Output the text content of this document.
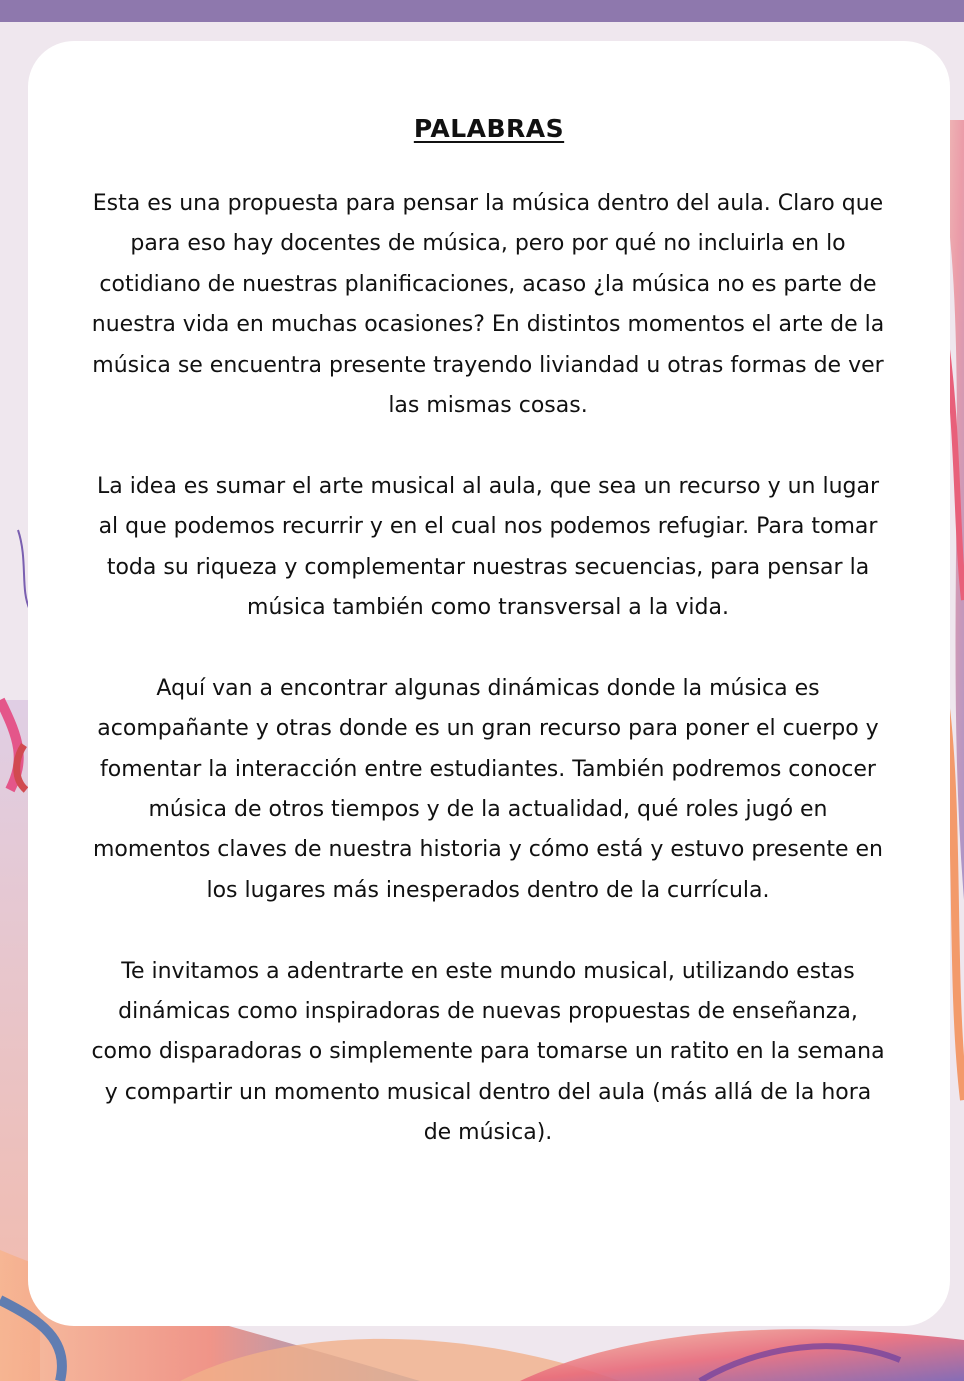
PALABRAS

Esta es una propuesta para pensar la música dentro del aula. Claro que para eso hay docentes de música, pero por qué no incluirla en lo cotidiano de nuestras planificaciones, acaso ¿la música no es parte de nuestra vida en muchas ocasiones? En distintos momentos el arte de la música se encuentra presente trayendo liviandad u otras formas de ver las mismas cosas.

La idea es sumar el arte musical al aula, que sea un recurso y un lugar al que podemos recurrir y en el cual nos podemos refugiar. Para tomar toda su riqueza y complementar nuestras secuencias, para pensar la música también como transversal a la vida.

Aquí van a encontrar algunas dinámicas donde la música es acompañante y otras donde es un gran recurso para poner el cuerpo y fomentar la interacción entre estudiantes. También podremos conocer música de otros tiempos y de la actualidad, qué roles jugó en momentos claves de nuestra historia y cómo está y estuvo presente en los lugares más inesperados dentro de la currícula.

Te invitamos a adentrarte en este mundo musical, utilizando estas dinámicas como inspiradoras de nuevas propuestas de enseñanza, como disparadoras o simplemente para tomarse un ratito en la semana y compartir un momento musical dentro del aula (más allá de la hora de música).
